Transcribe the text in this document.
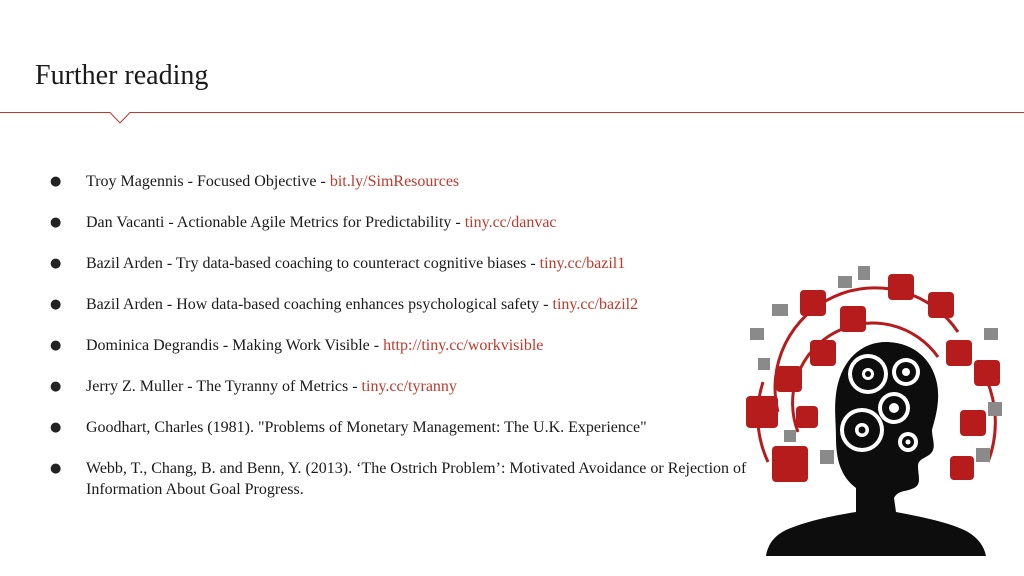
Further reading
● Troy Magennis - Focused Objective - bit.ly/SimResources
● Dan Vacanti - Actionable Agile Metrics for Predictability - tiny.cc/danvac
● Bazil Arden - Try data-based coaching to counteract cognitive biases - tiny.cc/bazil1
● Bazil Arden - How data-based coaching enhances psychological safety - tiny.cc/bazil2
● Dominica Degrandis - Making Work Visible - http://tiny.cc/workvisible
● Jerry Z. Muller - The Tyranny of Metrics - tiny.cc/tyranny
● Goodhart, Charles (1981). "Problems of Monetary Management: The U.K. Experience"
● Webb, T., Chang, B. and Benn, Y. (2013). ‘The Ostrich Problem’: Motivated Avoidance or Rejection of Information About Goal Progress.
